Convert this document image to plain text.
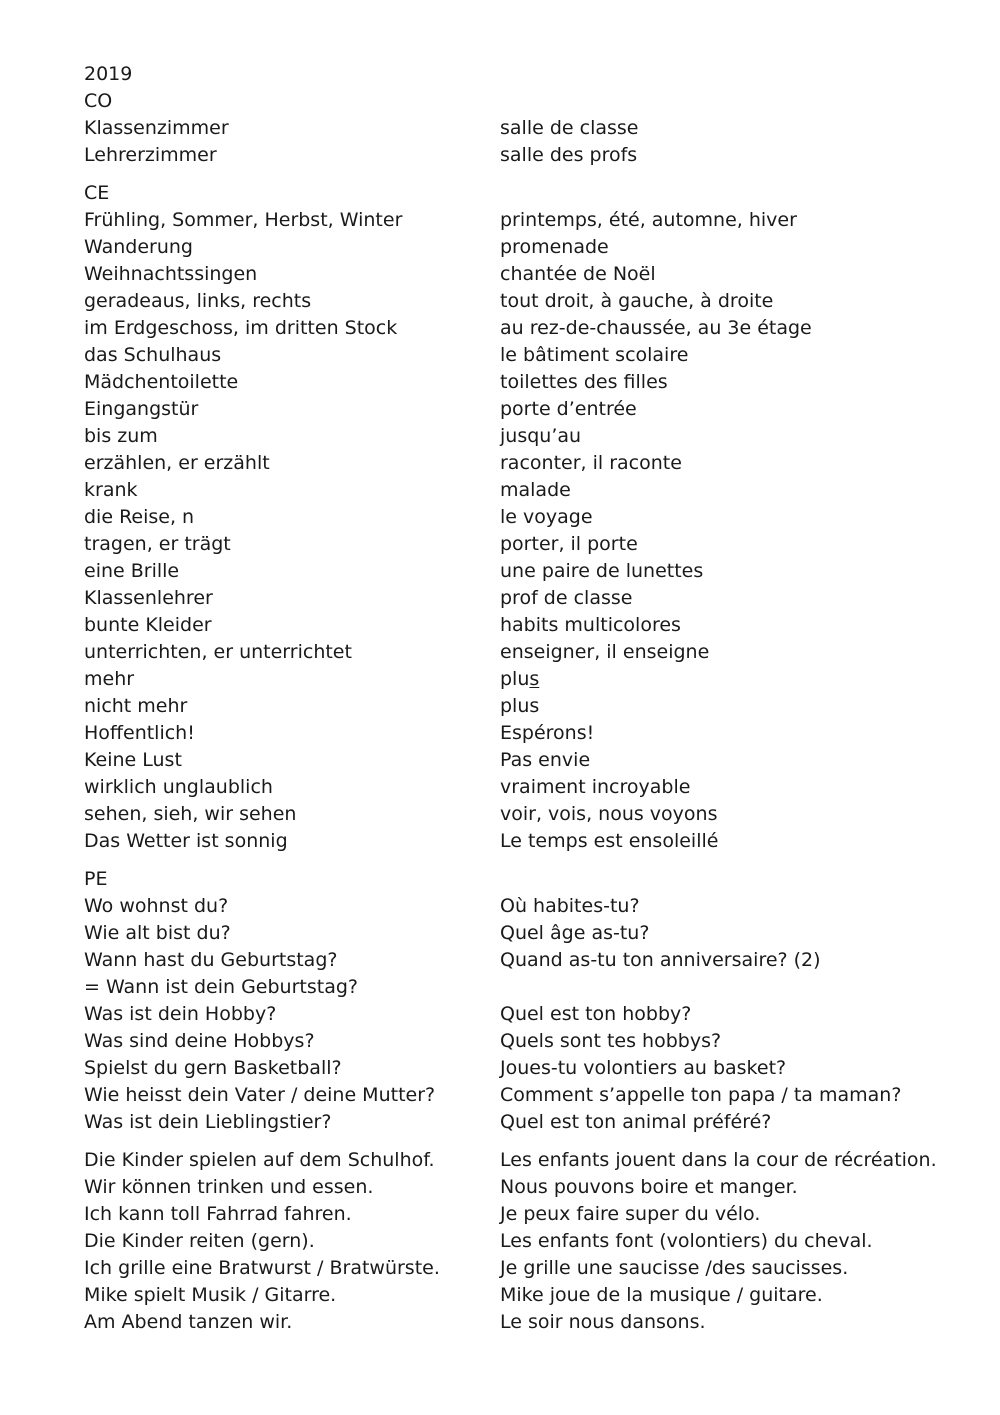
2019
CO
Klassenzimmer	salle de classe
Lehrerzimmer	salle des profs
CE
Frühling, Sommer, Herbst, Winter	printemps, été, automne, hiver
Wanderung	promenade
Weihnachtssingen	chantée de Noël
geradeaus, links, rechts	tout droit, à gauche, à droite
im Erdgeschoss, im dritten Stock	au rez-de-chaussée, au 3e étage
das Schulhaus	le bâtiment scolaire
Mädchentoilette	toilettes des filles
Eingangstür	porte d’entrée
bis zum	jusqu’au
erzählen, er erzählt	raconter, il raconte
krank	malade
die Reise, n	le voyage
tragen, er trägt	porter, il porte
eine Brille	une paire de lunettes
Klassenlehrer	prof de classe
bunte Kleider	habits multicolores
unterrichten, er unterrichtet	enseigner, il enseigne
mehr	plus
nicht mehr	plus
Hoffentlich!	Espérons!
Keine Lust	Pas envie
wirklich unglaublich	vraiment incroyable
sehen, sieh, wir sehen	voir, vois, nous voyons
Das Wetter ist sonnig	Le temps est ensoleillé
PE
Wo wohnst du?	Où habites-tu?
Wie alt bist du?	Quel âge as-tu?
Wann hast du Geburtstag?	Quand as-tu ton anniversaire? (2)
= Wann ist dein Geburtstag?
Was ist dein Hobby?	Quel est ton hobby?
Was sind deine Hobbys?	Quels sont tes hobbys?
Spielst du gern Basketball?	Joues-tu volontiers au basket?
Wie heisst dein Vater / deine Mutter?	Comment s’appelle ton papa / ta maman?
Was ist dein Lieblingstier?	Quel est ton animal préféré?
Die Kinder spielen auf dem Schulhof.	Les enfants jouent dans la cour de récréation.
Wir können trinken und essen.	Nous pouvons boire et manger.
Ich kann toll Fahrrad fahren.	Je peux faire super du vélo.
Die Kinder reiten (gern).	Les enfants font (volontiers) du cheval.
Ich grille eine Bratwurst / Bratwürste.	Je grille une saucisse /des saucisses.
Mike spielt Musik / Gitarre.	Mike joue de la musique / guitare.
Am Abend tanzen wir.	Le soir nous dansons.
